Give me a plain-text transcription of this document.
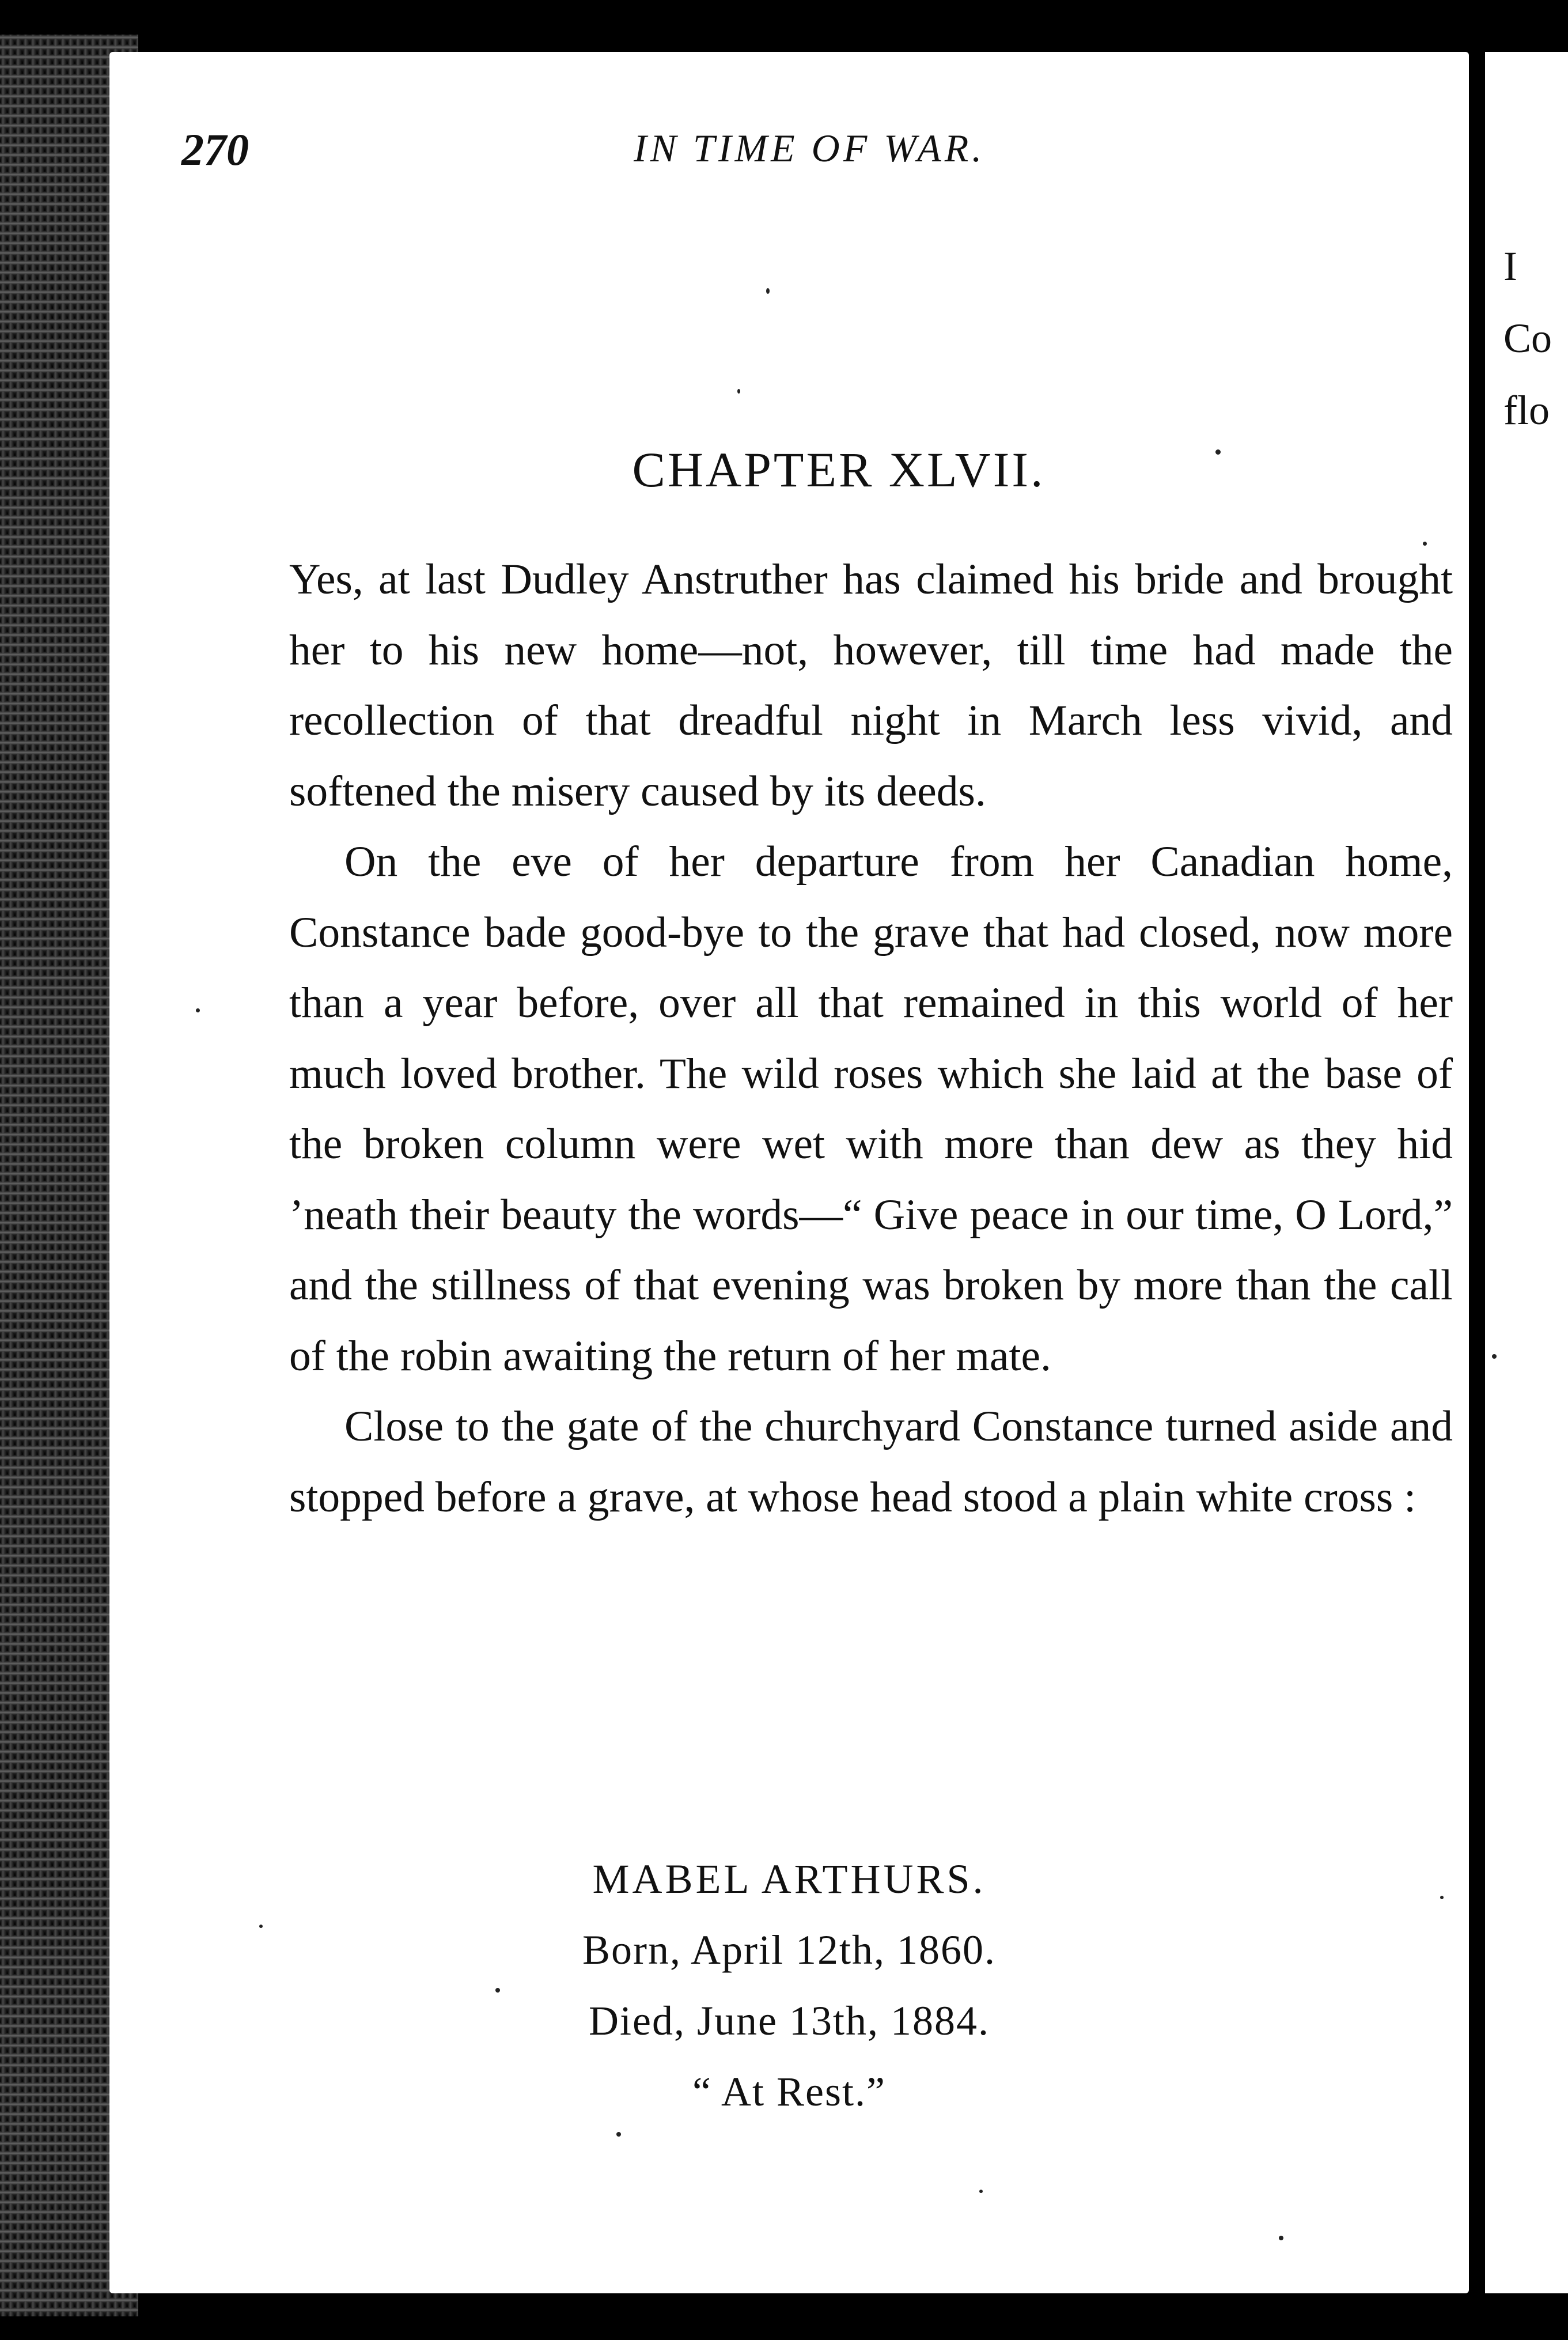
270	IN TIME OF WAR.
CHAPTER XLVII.

Yes, at last Dudley Anstruther has claimed his bride and brought her to his new home—not, however, till time had made the recollection of that dreadful night in March less vivid, and softened the misery caused by its deeds.

On the eve of her departure from her Canadian home, Constance bade good-bye to the grave that had closed, now more than a year before, over all that remained in this world of her much loved brother. The wild roses which she laid at the base of the broken column were wet with more than dew as they hid ’neath their beauty the words—“ Give peace in our time, O Lord,” and the stillness of that evening was broken by more than the call of the robin awaiting the return of her mate.

Close to the gate of the churchyard Constance turned aside and stopped before a grave, at whose head stood a plain white cross :

MABEL ARTHURS.
Born, April 12th, 1860.
Died, June 13th, 1884.
“ At Rest.”
I
Co
flo
